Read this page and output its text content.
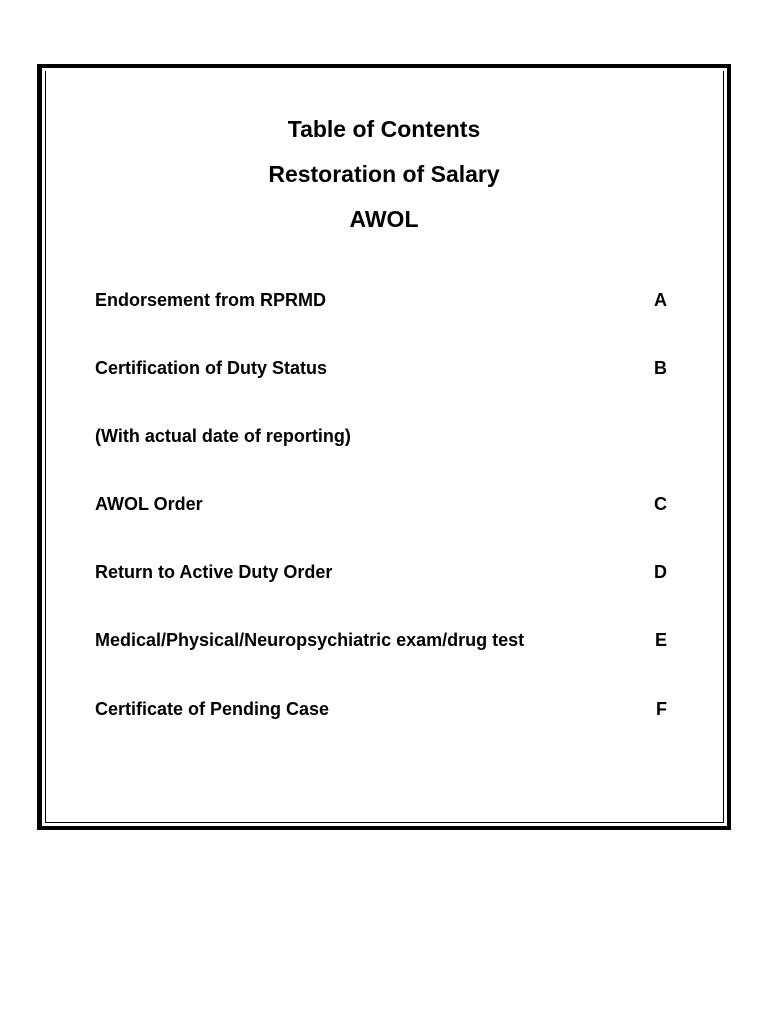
Table of Contents
Restoration of Salary
AWOL
Endorsement from RPRMD	A
Certification of Duty Status	B
(With actual date of reporting)
AWOL Order	C
Return to Active Duty Order	D
Medical/Physical/Neuropsychiatric exam/drug test	E
Certificate of Pending Case	F
